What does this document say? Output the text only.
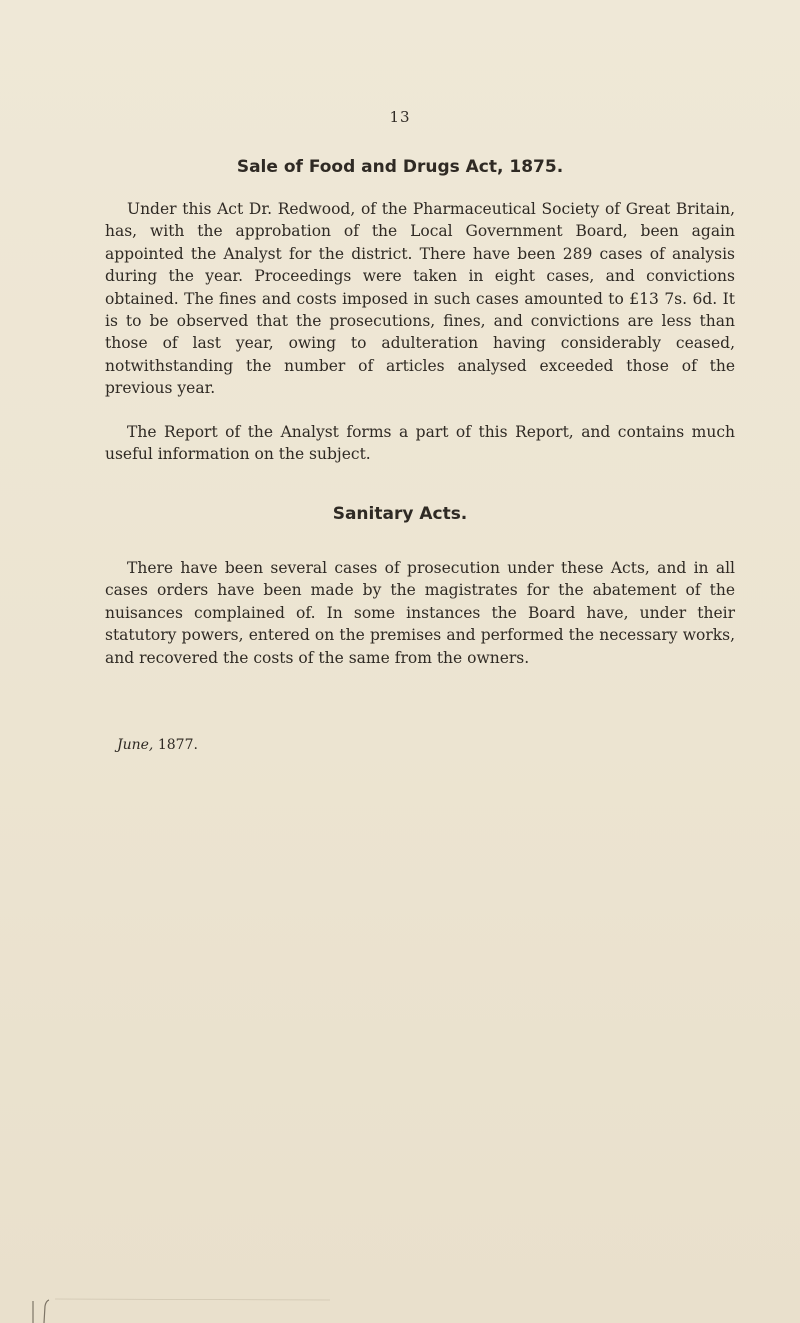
13
Sale of Food and Drugs Act, 1875.

Under this Act Dr. Redwood, of the Pharmaceutical Society of Great Britain, has, with the approbation of the Local Government Board, been again appointed the Analyst for the district. There have been 289 cases of analysis during the year. Proceedings were taken in eight cases, and convictions obtained. The fines and costs imposed in such cases amounted to £13 7s. 6d. It is to be observed that the prosecutions, fines, and convictions are less than those of last year, owing to adulteration having considerably ceased, notwithstanding the number of articles analysed exceeded those of the previous year.

The Report of the Analyst forms a part of this Report, and contains much useful information on the subject.

Sanitary Acts.

There have been several cases of prosecution under these Acts, and in all cases orders have been made by the magistrates for the abatement of the nuisances complained of. In some instances the Board have, under their statutory powers, entered on the premises and performed the necessary works, and recovered the costs of the same from the owners.

June, 1877.
